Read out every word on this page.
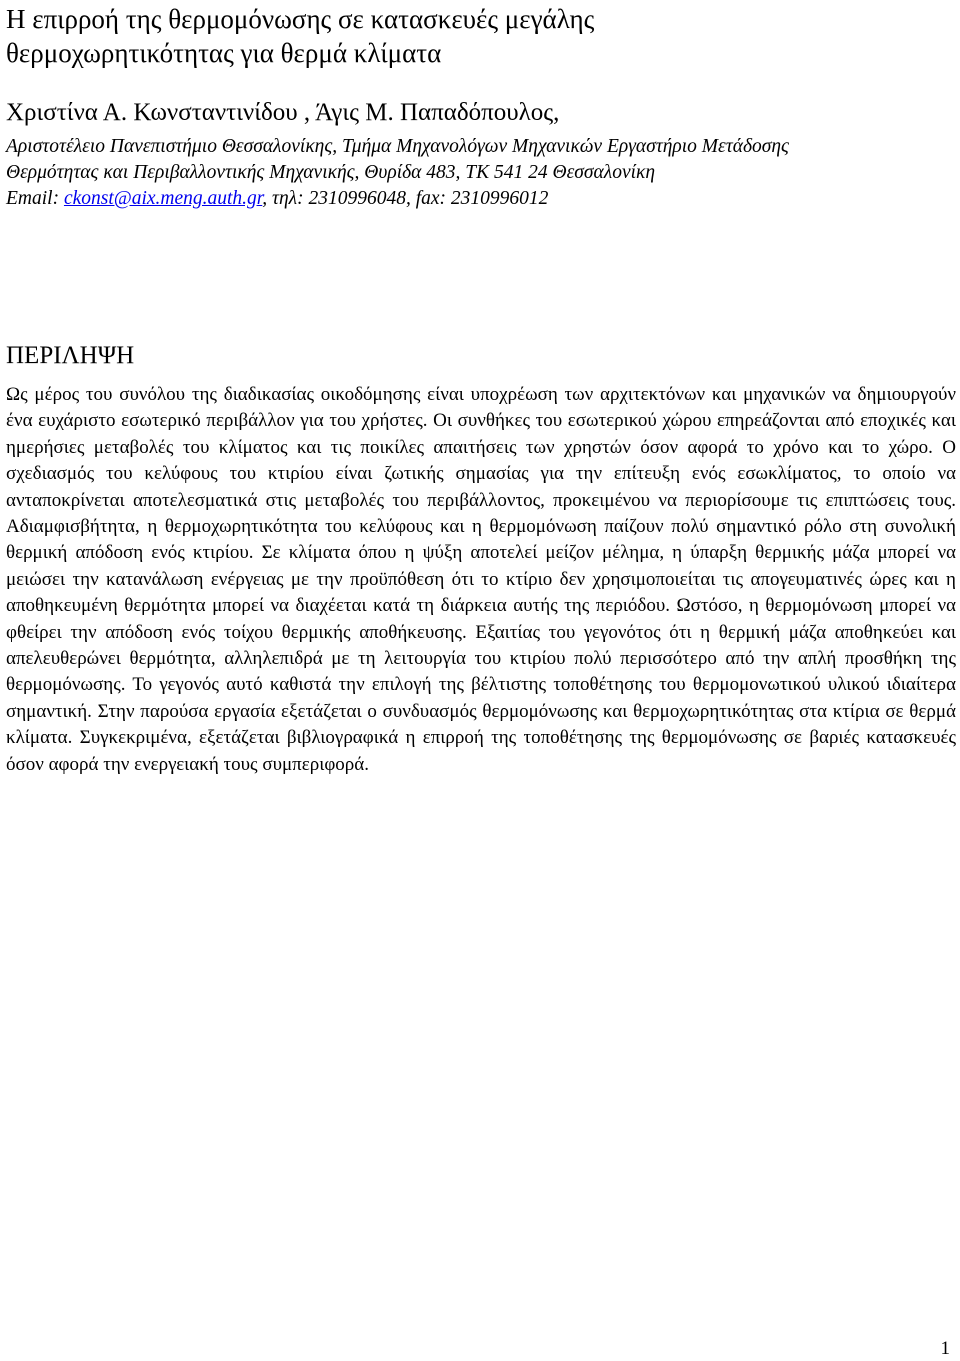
Η επιρροή της θερμομόνωσης σε κατασκευές μεγάλης
θερμοχωρητικότητας για θερμά κλίματα
Χριστίνα Α. Κωνσταντινίδου , Άγις Μ. Παπαδόπουλος,
Αριστοτέλειο Πανεπιστήμιο Θεσσαλονίκης, Τμήμα Μηχανολόγων Μηχανικών Εργαστήριο Μετάδοσης
Θερμότητας και Περιβαλλοντικής Μηχανικής, Θυρίδα 483, ΤΚ 541 24 Θεσσαλονίκη
Email: ckonst@aix.meng.auth.gr, τηλ: 2310996048, fax: 2310996012
ΠΕΡΙΛΗΨΗ

Ως μέρος του συνόλου της διαδικασίας οικοδόμησης είναι υποχρέωση των αρχιτεκτόνων και μηχανικών να δημιουργούν ένα ευχάριστο εσωτερικό περιβάλλον για του χρήστες. Οι συνθήκες του εσωτερικού χώρου επηρεάζονται από εποχικές και ημερήσιες μεταβολές του κλίματος και τις ποικίλες απαιτήσεις των χρηστών όσον αφορά το χρόνο και το χώρο. Ο σχεδιασμός του κελύφους του κτιρίου είναι ζωτικής σημασίας για την επίτευξη ενός εσωκλίματος, το οποίο να ανταποκρίνεται αποτελεσματικά στις μεταβολές του περιβάλλοντος, προκειμένου να περιορίσουμε τις επιπτώσεις τους. Αδιαμφισβήτητα, η θερμοχωρητικότητα του κελύφους και η θερμομόνωση παίζουν πολύ σημαντικό ρόλο στη συνολική θερμική απόδοση ενός κτιρίου. Σε κλίματα όπου η ψύξη αποτελεί μείζον μέλημα, η ύπαρξη θερμικής μάζα μπορεί να μειώσει την κατανάλωση ενέργειας με την προϋπόθεση ότι το κτίριο δεν χρησιμοποιείται τις απογευματινές ώρες και η αποθηκευμένη θερμότητα μπορεί να διαχέεται κατά τη διάρκεια αυτής της περιόδου. Ωστόσο, η θερμομόνωση μπορεί να φθείρει την απόδοση ενός τοίχου θερμικής αποθήκευσης. Εξαιτίας του γεγονότος ότι η θερμική μάζα αποθηκεύει και απελευθερώνει θερμότητα, αλληλεπιδρά με τη λειτουργία του κτιρίου πολύ περισσότερο από την απλή προσθήκη της θερμομόνωσης. Το γεγονός αυτό καθιστά την επιλογή της βέλτιστης τοποθέτησης του θερμομονωτικού υλικού ιδιαίτερα σημαντική. Στην παρούσα εργασία εξετάζεται ο συνδυασμός θερμομόνωσης και θερμοχωρητικότητας στα κτίρια σε θερμά κλίματα. Συγκεκριμένα, εξετάζεται βιβλιογραφικά η επιρροή της τοποθέτησης της θερμομόνωσης σε βαριές κατασκευές όσον αφορά την ενεργειακή τους συμπεριφορά.

1
